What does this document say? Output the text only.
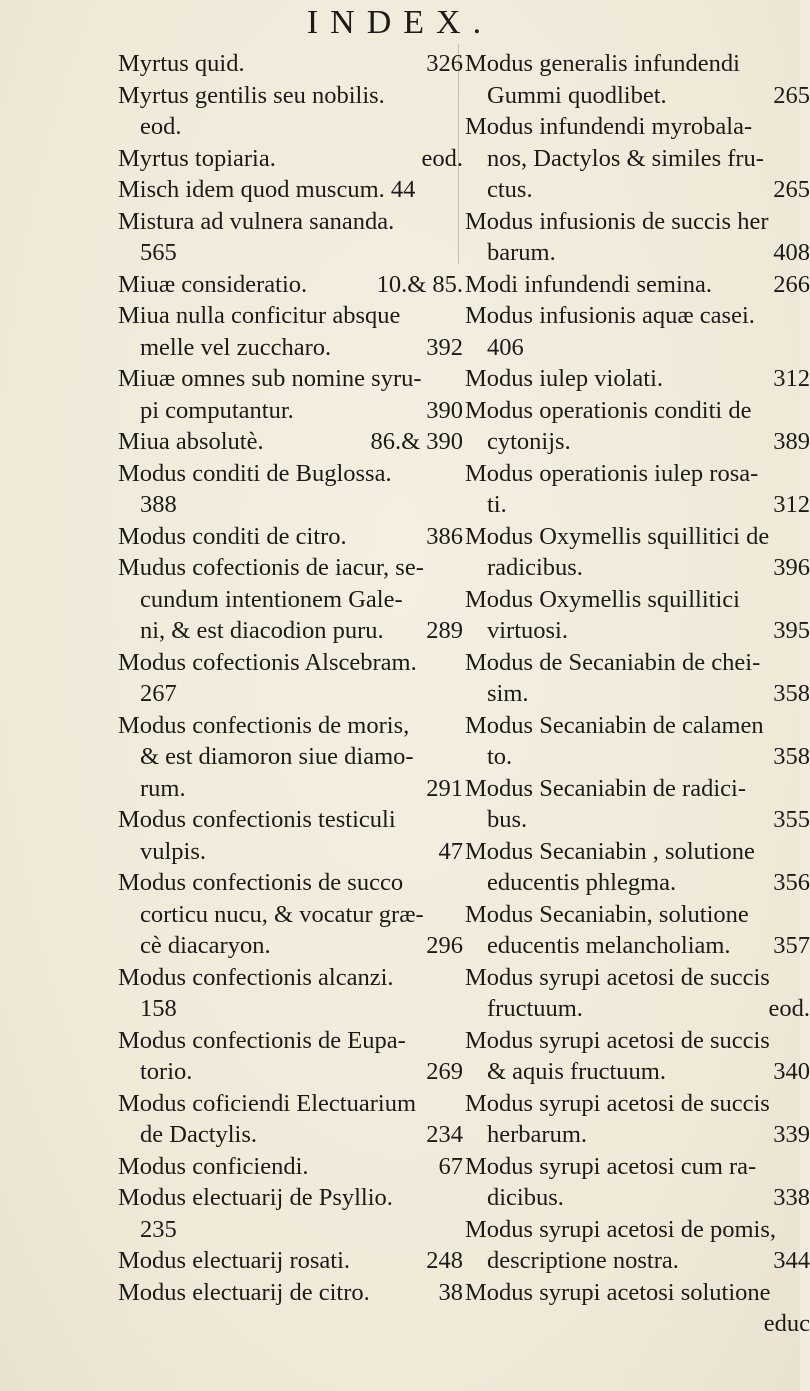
INDEX.
Myrtus quid.	326
Myrtus gentilis seu nobilis.
eod.
Myrtus topiaria.	eod.
Misch idem quod muscum. 44
Mistura ad vulnera sananda.
565
Miuæ consideratio.	10.& 85.
Miua nulla conficitur absque
melle vel zuccharo.	392
Miuæ omnes sub nomine syru-
pi computantur.	390
Miua absolutè.	86.& 390
Modus conditi de Buglossa.
388
Modus conditi de citro.	386
Mudus cofectionis de iacur, se-
cundum intentionem Gale-
ni, & est diacodion puru. 289
Modus cofectionis Alscebram.
267
Modus confectionis de moris,
& est diamoron siue diamo-
rum.	291
Modus confectionis testiculi
vulpis.	47
Modus confectionis de succo
corticu nucu, & vocatur græ-
cè diacaryon.	296
Modus confectionis alcanzi.
158
Modus confectionis de Eupa-
torio.	269
Modus coficiendi Electuarium
de Dactylis.	234
Modus conficiendi.	67
Modus electuarij de Psyllio.
235
Modus electuarij rosati.	248
Modus electuarij de citro.	38
Modus generalis infundendi
Gummi quodlibet.	265
Modus infundendi myrobala-
nos, Dactylos & similes fru-
ctus.	265
Modus infusionis de succis her
barum.	408
Modi infundendi semina. 266
Modus infusionis aquæ casei.
406
Modus iulep violati.	312
Modus operationis conditi de
cytonijs.	389
Modus operationis iulep rosa-
ti.	312
Modus Oxymellis squillitici de
radicibus.	396
Modus Oxymellis squillitici
virtuosi.	395
Modus de Secaniabin de chei-
sim.	358
Modus Secaniabin de calamen
to.	358
Modus Secaniabin de radici-
bus.	355
Modus Secaniabin , solutione
educentis phlegma.	356
Modus Secaniabin, solutione
educentis melancholiam. 357
Modus syrupi acetosi de succis
fructuum.	eod.
Modus syrupi acetosi de succis
& aquis fructuum.	340
Modus syrupi acetosi de succis
herbarum.	339
Modus syrupi acetosi cum ra-
dicibus.	338
Modus syrupi acetosi de pomis,
descriptione nostra.	344
Modus syrupi acetosi solutione
educ
